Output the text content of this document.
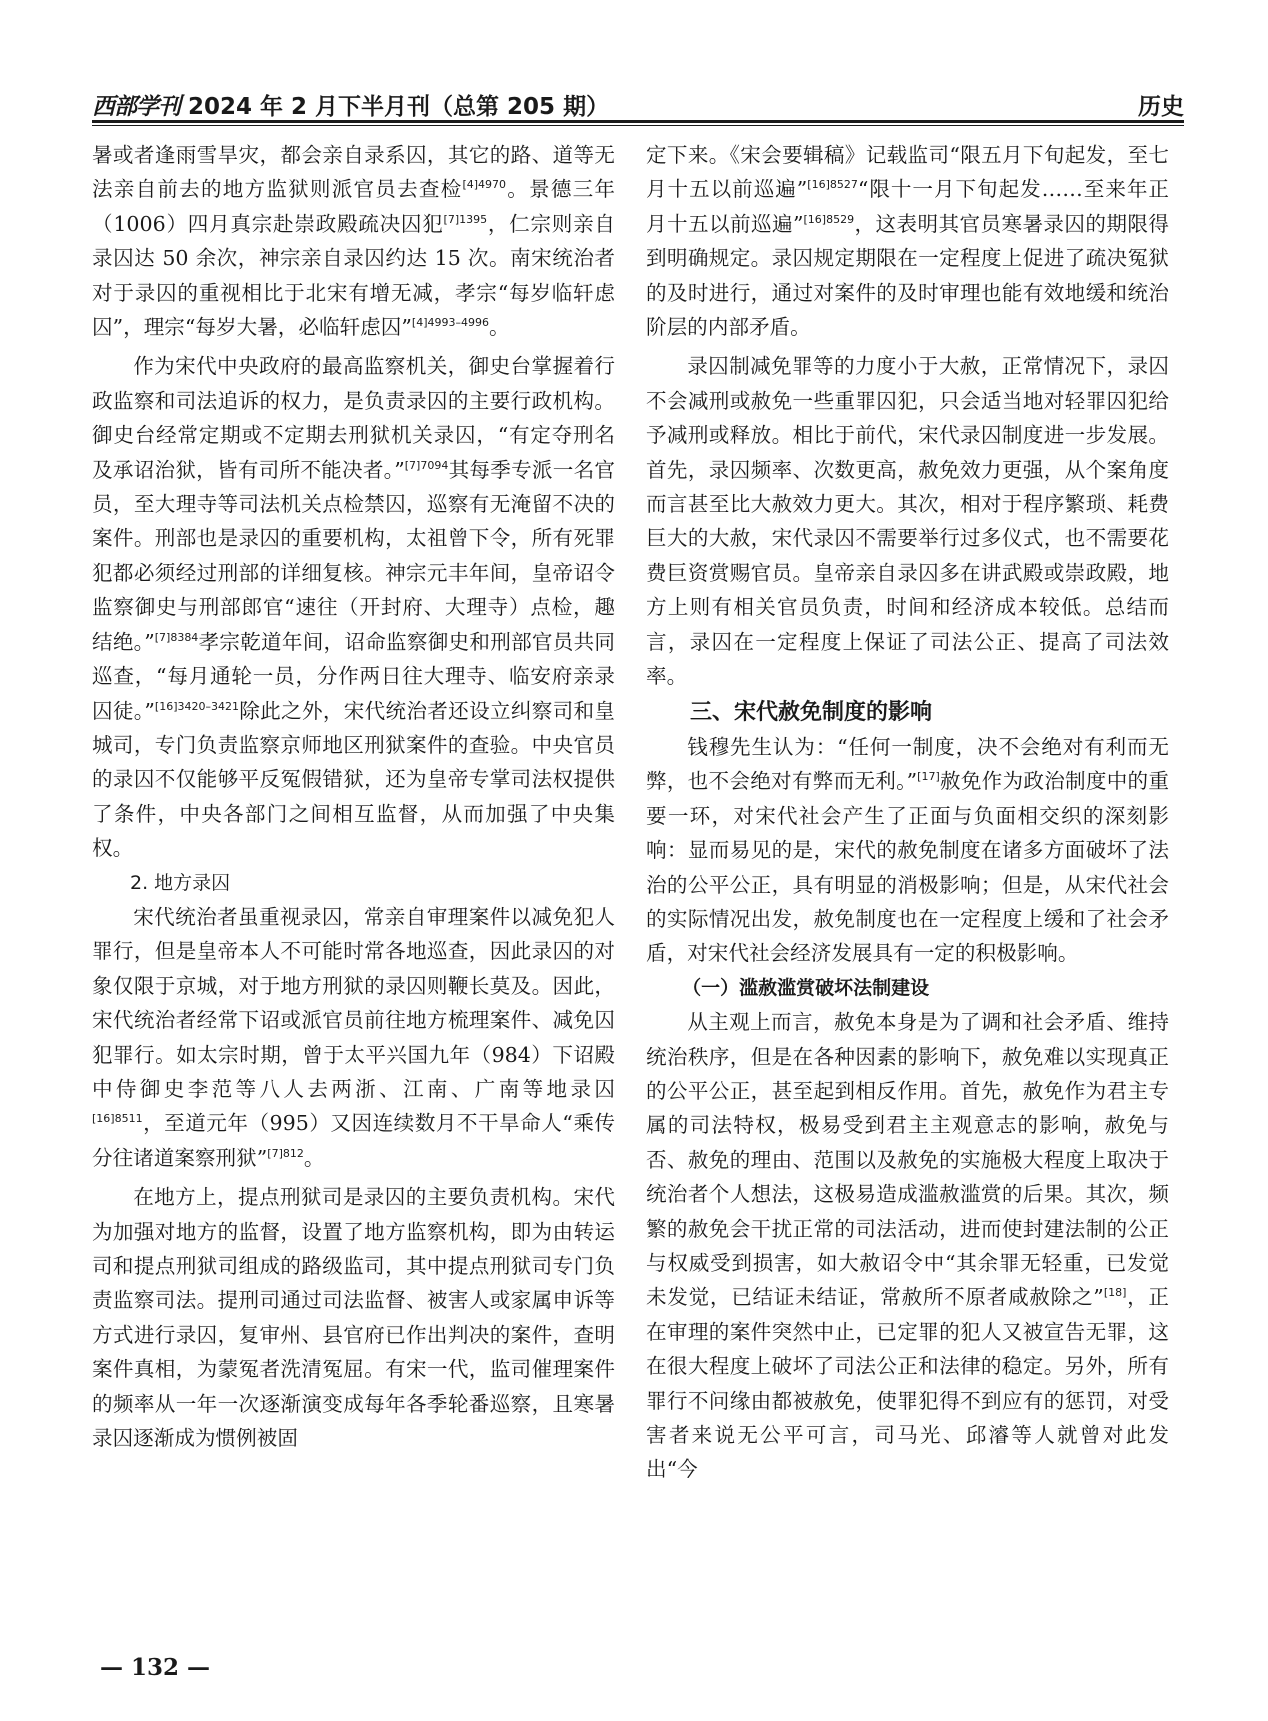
西部学刊 2024 年 2 月下半月刊（总第 205 期）	历史

暑或者逢雨雪旱灾，都会亲自录系囚，其它的路、道等无法亲自前去的地方监狱则派官员去查检$^{[4]4970}$。景德三年（1006）四月真宗赴崇政殿疏决囚犯$^{[7]1395}$，仁宗则亲自录囚达 50 余次，神宗亲自录囚约达 15 次。南宋统治者对于录囚的重视相比于北宋有增无减，孝宗“每岁临轩虑囚”，理宗“每岁大暑，必临轩虑囚”$^{[4]4993-4996}$。

作为宋代中央政府的最高监察机关，御史台掌握着行政监察和司法追诉的权力，是负责录囚的主要行政机构。御史台经常定期或不定期去刑狱机关录囚，“有定夺刑名及承诏治狱，皆有司所不能决者。”$^{[7]7094}$其每季专派一名官员，至大理寺等司法机关点检禁囚，巡察有无淹留不决的案件。刑部也是录囚的重要机构，太祖曾下令，所有死罪犯都必须经过刑部的详细复核。神宗元丰年间，皇帝诏令监察御史与刑部郎官“速往（开封府、大理寺）点检，趣结绝。”$^{[7]8384}$孝宗乾道年间，诏命监察御史和刑部官员共同巡查，“每月通轮一员，分作两日往大理寺、临安府亲录囚徒。”$^{[16]3420-3421}$除此之外，宋代统治者还设立纠察司和皇城司，专门负责监察京师地区刑狱案件的查验。中央官员的录囚不仅能够平反冤假错狱，还为皇帝专掌司法权提供了条件，中央各部门之间相互监督，从而加强了中央集权。

2. 地方录囚

宋代统治者虽重视录囚，常亲自审理案件以减免犯人罪行，但是皇帝本人不可能时常各地巡查，因此录囚的对象仅限于京城，对于地方刑狱的录囚则鞭长莫及。因此，宋代统治者经常下诏或派官员前往地方梳理案件、减免囚犯罪行。如太宗时期，曾于太平兴国九年（984）下诏殿中侍御史李范等八人去两浙、江南、广南等地录囚$^{[16]8511}$，至道元年（995）又因连续数月不干旱命人“乘传分往诸道案察刑狱”$^{[7]812}$。

在地方上，提点刑狱司是录囚的主要负责机构。宋代为加强对地方的监督，设置了地方监察机构，即为由转运司和提点刑狱司组成的路级监司，其中提点刑狱司专门负责监察司法。提刑司通过司法监督、被害人或家属申诉等方式进行录囚，复审州、县官府已作出判决的案件，查明案件真相，为蒙冤者洗清冤屈。有宋一代，监司催理案件的频率从一年一次逐渐演变成每年各季轮番巡察，且寒暑录囚逐渐成为惯例被固

定下来。《宋会要辑稿》记载监司“限五月下旬起发，至七月十五以前巡遍”$^{[16]8527}$“限十一月下旬起发……至来年正月十五以前巡遍”$^{[16]8529}$，这表明其官员寒暑录囚的期限得到明确规定。录囚规定期限在一定程度上促进了疏决冤狱的及时进行，通过对案件的及时审理也能有效地缓和统治阶层的内部矛盾。

录囚制减免罪等的力度小于大赦，正常情况下，录囚不会减刑或赦免一些重罪囚犯，只会适当地对轻罪囚犯给予减刑或释放。相比于前代，宋代录囚制度进一步发展。首先，录囚频率、次数更高，赦免效力更强，从个案角度而言甚至比大赦效力更大。其次，相对于程序繁琐、耗费巨大的大赦，宋代录囚不需要举行过多仪式，也不需要花费巨资赏赐官员。皇帝亲自录囚多在讲武殿或崇政殿，地方上则有相关官员负责，时间和经济成本较低。总结而言，录囚在一定程度上保证了司法公正、提高了司法效率。

三、宋代赦免制度的影响

钱穆先生认为：“任何一制度，决不会绝对有利而无弊，也不会绝对有弊而无利。”[17]赦免作为政治制度中的重要一环，对宋代社会产生了正面与负面相交织的深刻影响：显而易见的是，宋代的赦免制度在诸多方面破坏了法治的公平公正，具有明显的消极影响；但是，从宋代社会的实际情况出发，赦免制度也在一定程度上缓和了社会矛盾，对宋代社会经济发展具有一定的积极影响。

（一）滥赦滥赏破坏法制建设

从主观上而言，赦免本身是为了调和社会矛盾、维持统治秩序，但是在各种因素的影响下，赦免难以实现真正的公平公正，甚至起到相反作用。首先，赦免作为君主专属的司法特权，极易受到君主主观意志的影响，赦免与否、赦免的理由、范围以及赦免的实施极大程度上取决于统治者个人想法，这极易造成滥赦滥赏的后果。其次，频繁的赦免会干扰正常的司法活动，进而使封建法制的公正与权威受到损害，如大赦诏令中“其余罪无轻重，已发觉未发觉，已结证未结证，常赦所不原者咸赦除之”[18]，正在审理的案件突然中止，已定罪的犯人又被宣告无罪，这在很大程度上破坏了司法公正和法律的稳定。另外，所有罪行不问缘由都被赦免，使罪犯得不到应有的惩罚，对受害者来说无公平可言，司马光、邱濬等人就曾对此发出“今

— 132 —
